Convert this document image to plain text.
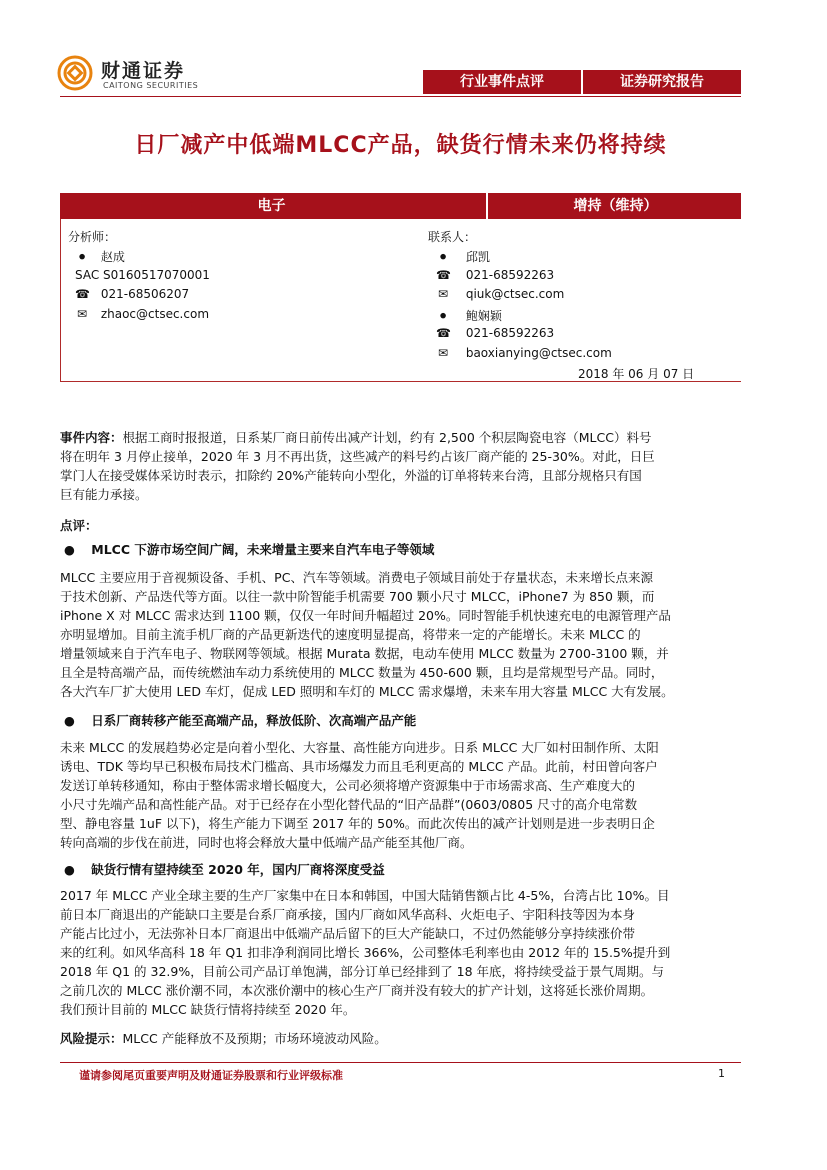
财通证券
CAITONG SECURITIES	行业事件点评	证券研究报告
日厂减产中低端MLCC产品，缺货行情未来仍将持续
电子	增持（维持）
分析师：
⚫ 赵成
SAC S0160517070001
☎ 021-68506207
✉ zhaoc@ctsec.com
联系人：
⚫ 邱凯
☎ 021-68592263
✉ qiuk@ctsec.com
⚫ 鲍娴颖
☎ 021-68592263
✉ baoxianying@ctsec.com
2018 年 06 月 07 日
事件内容：根据工商时报报道，日系某厂商日前传出减产计划，约有 2,500 个积层陶瓷电容（MLCC）料号
将在明年 3 月停止接单，2020 年 3 月不再出货，这些减产的料号约占该厂商产能的 25-30%。对此，日巨
掌门人在接受媒体采访时表示，扣除约 20%产能转向小型化，外溢的订单将转来台湾，且部分规格只有国
巨有能力承接。
点评：
● MLCC 下游市场空间广阔，未来增量主要来自汽车电子等领域
MLCC 主要应用于音视频设备、手机、PC、汽车等领域。消费电子领域目前处于存量状态，未来增长点来源
于技术创新、产品迭代等方面。以往一款中阶智能手机需要 700 颗小尺寸 MLCC，iPhone7 为 850 颗，而
iPhone X 对 MLCC 需求达到 1100 颗，仅仅一年时间升幅超过 20%。同时智能手机快速充电的电源管理产品
亦明显增加。目前主流手机厂商的产品更新迭代的速度明显提高，将带来一定的产能增长。未来 MLCC 的
增量领域来自于汽车电子、物联网等领域。根据 Murata 数据，电动车使用 MLCC 数量为 2700-3100 颗，并
且全是特高端产品，而传统燃油车动力系统使用的 MLCC 数量为 450-600 颗，且均是常规型号产品。同时，
各大汽车厂扩大使用 LED 车灯，促成 LED 照明和车灯的 MLCC 需求爆增，未来车用大容量 MLCC 大有发展。
● 日系厂商转移产能至高端产品，释放低阶、次高端产品产能
未来 MLCC 的发展趋势必定是向着小型化、大容量、高性能方向进步。日系 MLCC 大厂如村田制作所、太阳
诱电、TDK 等均早已积极布局技术门槛高、具市场爆发力而且毛利更高的 MLCC 产品。此前，村田曾向客户
发送订单转移通知，称由于整体需求增长幅度大，公司必须将增产资源集中于市场需求高、生产难度大的
小尺寸先端产品和高性能产品。对于已经存在小型化替代品的“旧产品群”(0603/0805 尺寸的高介电常数
型、静电容量 1uF 以下)，将生产能力下调至 2017 年的 50%。而此次传出的减产计划则是进一步表明日企
转向高端的步伐在前进，同时也将会释放大量中低端产品产能至其他厂商。
● 缺货行情有望持续至 2020 年，国内厂商将深度受益
2017 年 MLCC 产业全球主要的生产厂家集中在日本和韩国，中国大陆销售额占比 4-5%，台湾占比 10%。目
前日本厂商退出的产能缺口主要是台系厂商承接，国内厂商如风华高科、火炬电子、宇阳科技等因为本身
产能占比过小，无法弥补日本厂商退出中低端产品后留下的巨大产能缺口，不过仍然能够分享持续涨价带
来的红利。如风华高科 18 年 Q1 扣非净利润同比增长 366%，公司整体毛利率也由 2012 年的 15.5%提升到
2018 年 Q1 的 32.9%，目前公司产品订单饱满，部分订单已经排到了 18 年底，将持续受益于景气周期。与
之前几次的 MLCC 涨价潮不同，本次涨价潮中的核心生产厂商并没有较大的扩产计划，这将延长涨价周期。
我们预计目前的 MLCC 缺货行情将持续至 2020 年。
风险提示：MLCC 产能释放不及预期；市场环境波动风险。
谨请参阅尾页重要声明及财通证券股票和行业评级标准	1
